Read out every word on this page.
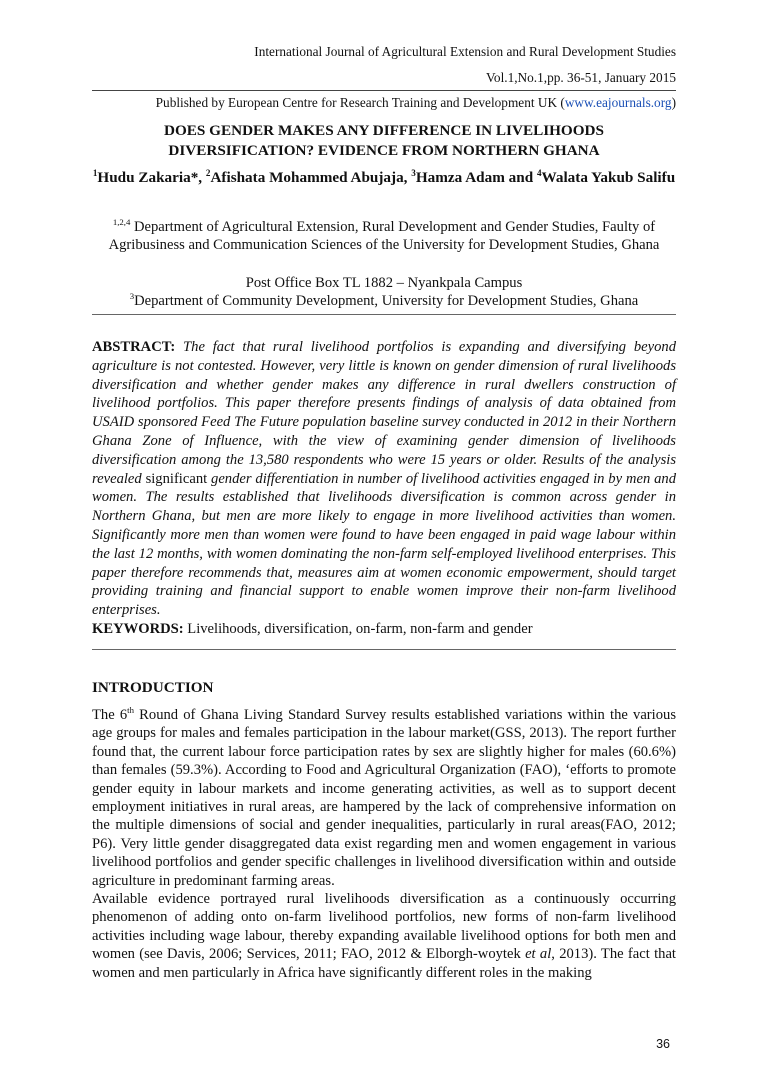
International Journal of Agricultural Extension and Rural Development Studies
Vol.1,No.1,pp. 36-51, January 2015
Published by European Centre for Research Training and Development UK (www.eajournals.org)
DOES GENDER MAKES ANY DIFFERENCE IN LIVELIHOODS
DIVERSIFICATION? EVIDENCE FROM NORTHERN GHANA
$^1$Hudu Zakaria*, $^2$Afishata Mohammed Abujaja, $^3$Hamza Adam and $^4$Walata Yakub Salifu
$^{1,2,4}$ Department of Agricultural Extension, Rural Development and Gender Studies, Faulty of Agribusiness and Communication Sciences of the University for Development Studies, Ghana
Post Office Box TL 1882 – Nyankpala Campus
$^3$Department of Community Development, University for Development Studies, Ghana
ABSTRACT: The fact that rural livelihood portfolios is expanding and diversifying beyond agriculture is not contested. However, very little is known on gender dimension of rural livelihoods diversification and whether gender makes any difference in rural dwellers construction of livelihood portfolios. This paper therefore presents findings of analysis of data obtained from USAID sponsored Feed The Future population baseline survey conducted in 2012 in their Northern Ghana Zone of Influence, with the view of examining gender dimension of livelihoods diversification among the 13,580 respondents who were 15 years or older. Results of the analysis revealed significant gender differentiation in number of livelihood activities engaged in by men and women. The results established that livelihoods diversification is common across gender in Northern Ghana, but men are more likely to engage in more livelihood activities than women. Significantly more men than women were found to have been engaged in paid wage labour within the last 12 months, with women dominating the non-farm self-employed livelihood enterprises. This paper therefore recommends that, measures aim at women economic empowerment, should target providing training and financial support to enable women improve their non-farm livelihood enterprises.
KEYWORDS: Livelihoods, diversification, on-farm, non-farm and gender
INTRODUCTION
The 6th Round of Ghana Living Standard Survey results established variations within the various age groups for males and females participation in the labour market(GSS, 2013). The report further found that, the current labour force participation rates by sex are slightly higher for males (60.6%) than females (59.3%). According to Food and Agricultural Organization (FAO), ‘efforts to promote gender equity in labour markets and income generating activities, as well as to support decent employment initiatives in rural areas, are hampered by the lack of comprehensive information on the multiple dimensions of social and gender inequalities, particularly in rural areas(FAO, 2012; P6). Very little gender disaggregated data exist regarding men and women engagement in various livelihood portfolios and gender specific challenges in livelihood diversification within and outside agriculture in predominant farming areas.
Available evidence portrayed rural livelihoods diversification as a continuously occurring phenomenon of adding onto on-farm livelihood portfolios, new forms of non-farm livelihood activities including wage labour, thereby expanding available livelihood options for both men and women (see Davis, 2006; Services, 2011; FAO, 2012 & Elborgh-woytek et al, 2013). The fact that women and men particularly in Africa have significantly different roles in the making
36
